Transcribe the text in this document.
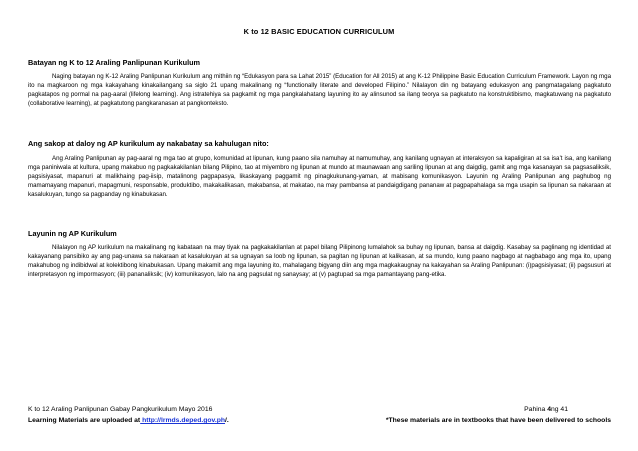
K to 12 BASIC EDUCATION CURRICULUM
Batayan ng K to 12 Araling Panlipunan Kurikulum
Naging batayan ng K-12 Araling Panlipunan Kurikulum ang mithiin ng “Edukasyon para sa Lahat 2015” (Education for All 2015) at ang K-12 Philippine Basic Education Curriculum Framework. Layon ng mga ito na magkaroon ng mga kakayahang kinakailangang sa siglo 21 upang makalinang ng “functionally literate and developed Filipino.” Nilalayon din ng batayang edukasyon ang pangmatagalang pagkatuto pagkatapos ng pormal na pag-aaral (lifelong learning). Ang istratehiya sa pagkamit ng mga pangkalahatang layuning ito ay alinsunod sa ilang teorya sa pagkatuto na konstruktibismo, magkatuwang na pagkatuto (collaborative learning), at pagkatutong pangkaranasan at pangkonteksto.
Ang sakop at daloy ng AP kurikulum ay nakabatay sa kahulugan nito:
Ang Araling Panlipunan ay pag-aaral ng mga tao at grupo, komunidad at lipunan, kung paano sila namuhay at namumuhay, ang kanilang ugnayan at interaksyon sa kapaligiran at sa isa’t isa, ang kanilang mga paniniwala at kultura, upang makabuo ng pagkakakilanlan bilang Pilipino, tao at miyembro ng lipunan at mundo at maunawaan ang sariling lipunan at ang daigdig, gamit ang mga kasanayan sa pagsasaliksik, pagsisiyasat, mapanuri at malikhaing pag-iisip, matalinong pagpapasya, likaskayang paggamit ng pinagkukunang-yaman, at mabisang komunikasyon. Layunin ng Araling Panlipunan ang paghubog ng mamamayang mapanuri, mapagmuni, responsable, produktibo, makakalikasan, makabansa, at makatao, na may pambansa at pandaigdigang pananaw at pagpapahalaga sa mga usapin sa lipunan sa nakaraan at kasalukuyan, tungo sa pagpanday ng kinabukasan.
Layunin ng AP Kurikulum
Nilalayon ng AP kurikulum na makalinang ng kabataan na may tiyak na pagkakakilanlan at papel bilang Pilipinong lumalahok sa buhay ng lipunan, bansa at daigdig. Kasabay sa paglinang ng identidad at kakayanang pansibiko ay ang pag-unawa sa nakaraan at kasalukuyan at sa ugnayan sa loob ng lipunan, sa pagitan ng lipunan at kalikasan, at sa mundo, kung paano nagbago at nagbabago ang mga ito, upang makahubog ng indibidwal at kolektibong kinabukasan. Upang makamit ang mga layuning ito, mahalagang bigyang diin ang mga magkakaugnay na kakayahan sa Araling Panlipunan: (i)pagsisiyasat; (ii) pagsusuri at interpretasyon ng impormasyon; (iii) pananaliksik; (iv) komunikasyon, lalo na ang pagsulat ng sanaysay; at (v) pagtupad sa mga pamantayang pang-etika.
K to 12 Araling Panlipunan Gabay Pangkurikulum Mayo 2016	Pahina 4ng 41
Learning Materials are uploaded at http://lrmds.deped.gov.ph/.	*These materials are in textbooks that have been delivered to schools
